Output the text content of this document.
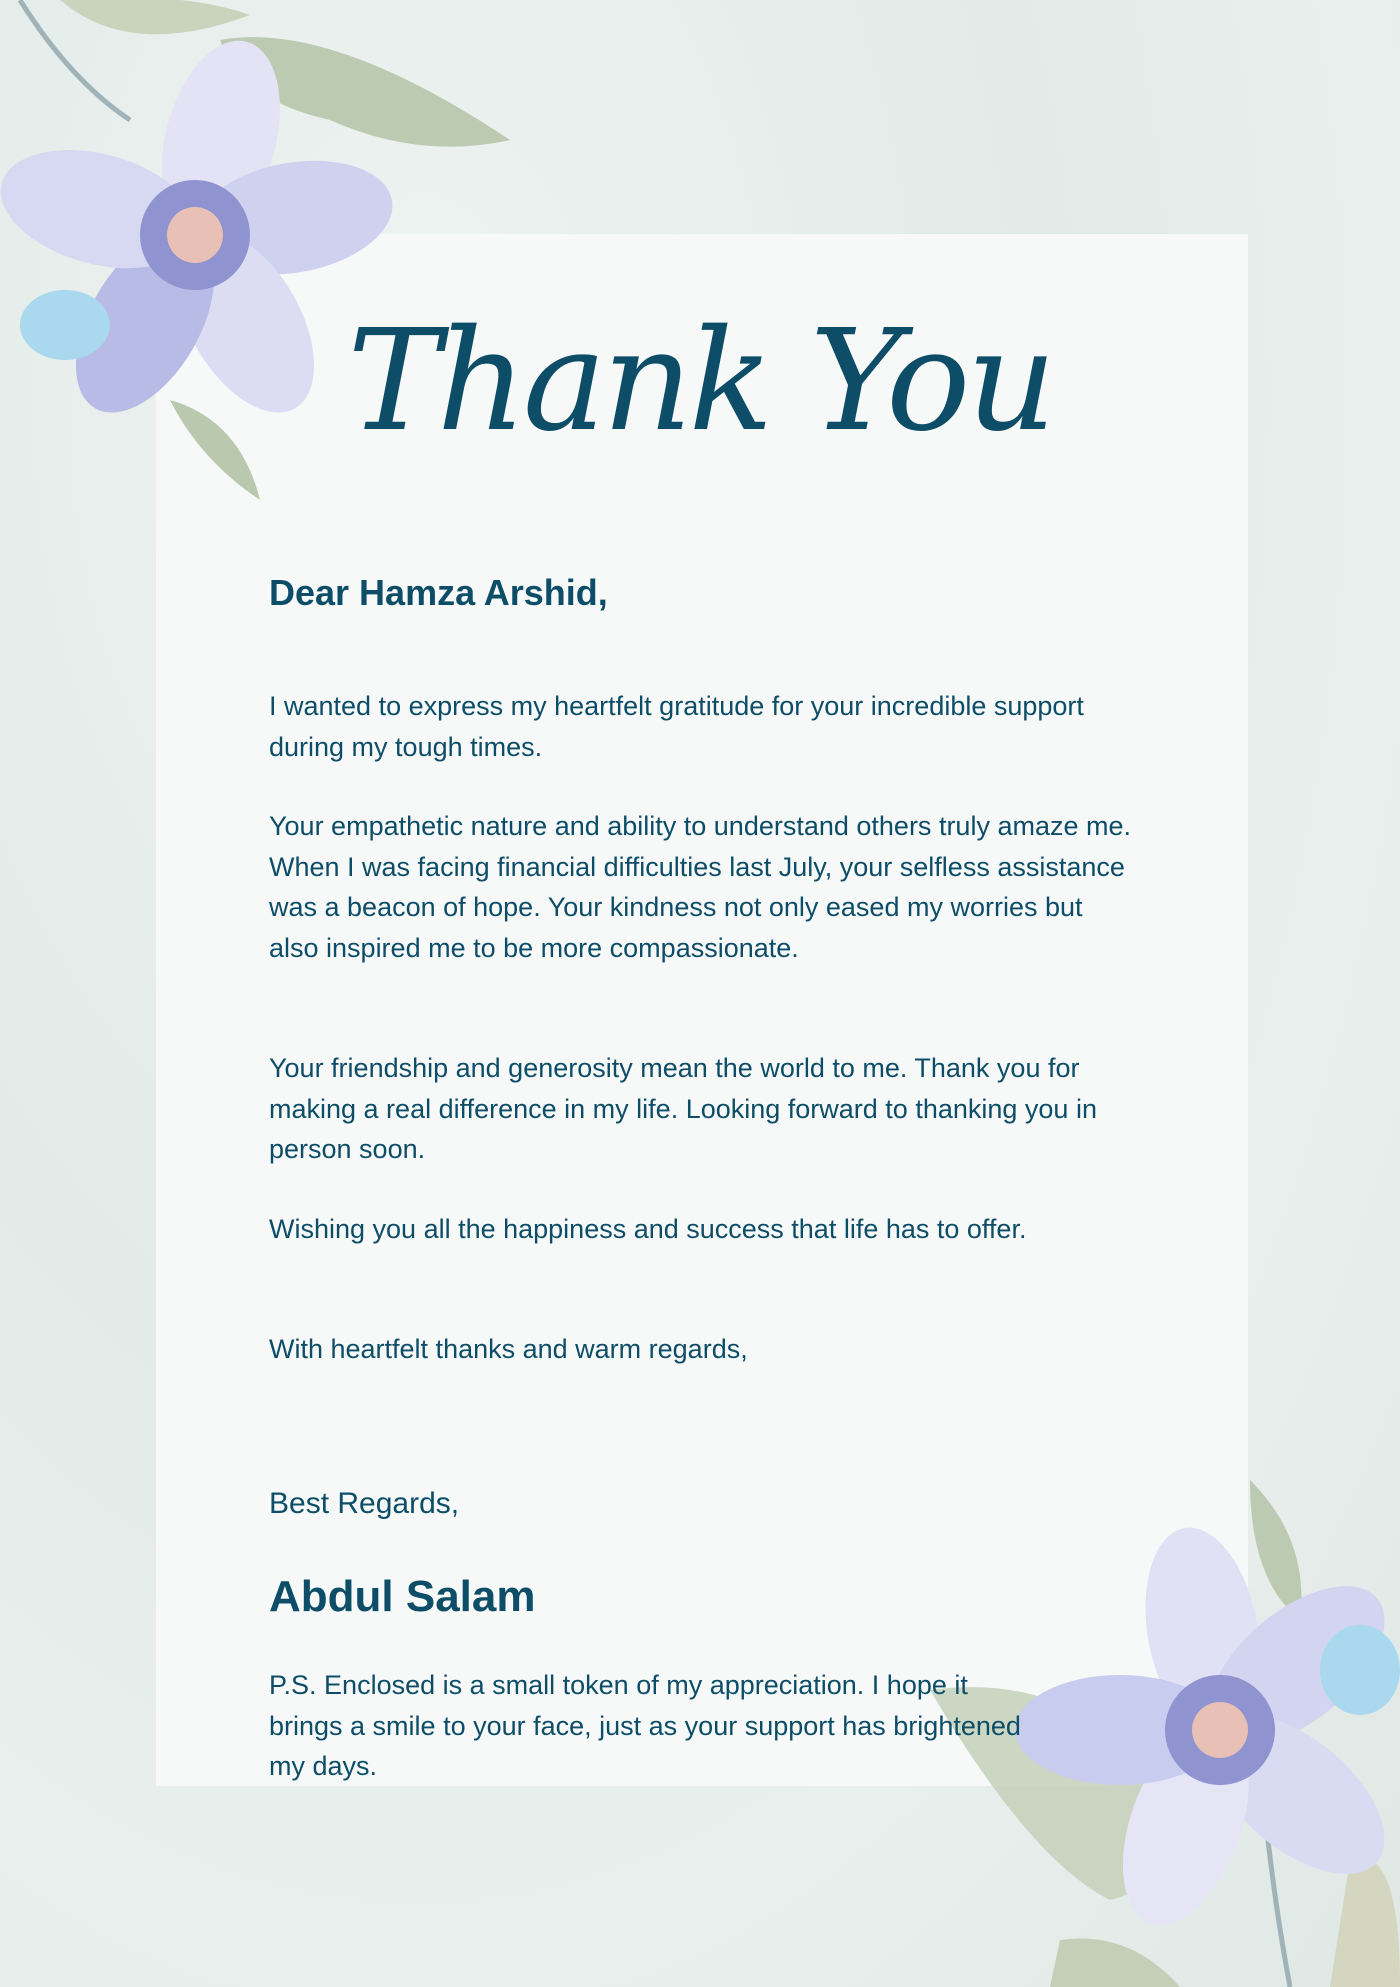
Thank You
Dear Hamza Arshid,
I wanted to express my heartfelt gratitude for your incredible support during my tough times.
Your empathetic nature and ability to understand others truly amaze me. When I was facing financial difficulties last July, your selfless assistance was a beacon of hope. Your kindness not only eased my worries but also inspired me to be more compassionate.
Your friendship and generosity mean the world to me. Thank you for making a real difference in my life. Looking forward to thanking you in person soon.
Wishing you all the happiness and success that life has to offer.
With heartfelt thanks and warm regards,
Best Regards,
Abdul Salam
P.S. Enclosed is a small token of my appreciation. I hope it brings a smile to your face, just as your support has brightened my days.
